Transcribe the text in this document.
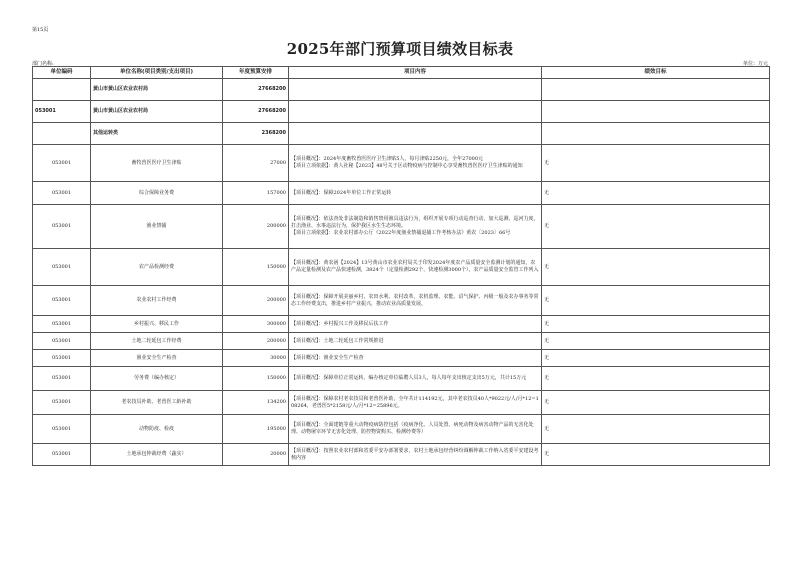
第15页
2025年部门预算项目绩效目标表
部门名称:	单位：万元
单位编码	单位名称(项目类别/支出项目)	年度预算安排	项目内容	绩效目标
	黄山市黄山区农业农村局	27668200		
053001	黄山市黄山区农业农村局	27668200		
	其他运转类	2368200		
053001	畜牧兽医医疗卫生津贴	27000	【项目概况】：2024年度畜牧兽医医疗卫生津贴5人，每月津贴2250元，全年27000元
【项目立项依据】：黄人社秘【2023】48号关于区动物疫病与控制中心享受畜牧兽医医疗卫生津贴的通知	无
053001	综合保障业务费	157000	【项目概况】：保障2024年单位工作正常运转	无
053001	渔业禁捕	200000	【项目概况】：依法查处非法制造和销售禁用渔具违法行为，组织开展专项行动巡查行动，加大巡测、巡河力度，打击渔业、水事违法行为，保护我区水生生态环境。
【项目立项依据】：农业农村部办公厅《2022年度渔业禁捕退捕工作考核办法》黄农〔2023〕66号	无
053001	农产品检测经费	150000	【项目概况】：黄农函【2024】13号黄山市农业农村局关于印发2024年度农产品质量安全监测计划的通知，农产品定量检测及农产品快速检测，3824个（定量检测292个，快速检测3000个），农产品质量安全监管工作列入	无
053001	农业农村工作经费	200000	【项目概况】：保障开展美丽乡村、农田水利、农村改革、农机监理、农能、沼气保护、丙级一般及农办事务等常态工作经费支出，推进乡村产业振兴，推动农业高质量发展。	无
053001	乡村振兴、移民工作	300000	【项目概况】：乡村振兴工作及移民后扶工作	无
053001	土地二轮延包工作经费	200000	【项目概况】：土地二轮延包工作常规推进	无
053001	渔业安全生产检查	30000	【项目概况】：渔业安全生产检查	无
053001	劳务费（编办核定）	150000	【项目概况】：保障单位正常运转，编办核定单位临聘人员3人，每人每年支出核定支出5万元，共计15万元	无
053001	老农技员补助、老兽医工龄补助	134200	【项目概况】：保障农村老农技员和老兽医补助，全年共计114192元，其中老农技员40人*9022元/人/月*12=108264，老兽医5*2158元/人/月*12=25896元。	无
053001	动物防疫、检疫	195000	【项目概况】：全面建链等重大动物疫病防控包括（疫病净化、人员处置、病死动物及病害动物产品的无害化处理、动物屠宰环节无害化处理、防控物资购买、检测经费等）	无
053001	土地承包仲裁经费（蔬实）	20000	【项目概况】：按照农业农村部和省委平安办部署要求，农村土地承包经营纠纷调解仲裁工作纳入省委平安建设考核内容	无
